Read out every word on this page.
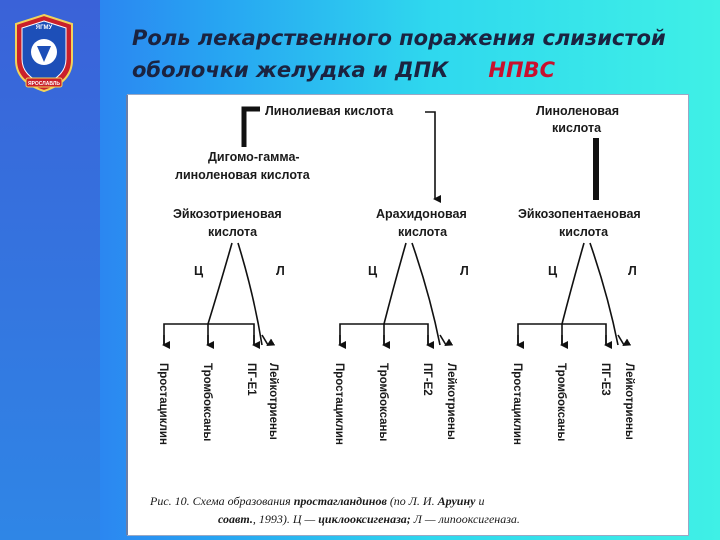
ЯГМУ
ЯРОСЛАВЛЬ
Роль лекарственного поражения слизистой
оболочки желудка и ДПК НПВС
Линолиевая кислота	Линоленовая
кислота
Дигомо-гамма-
линоленовая кислота
Эйкозотриеновая
кислота
Арахидоновая
кислота
Эйкозопентаеновая
кислота
Ц	Л
Простациклин	Тромбоксаны	ПГ-Е1 Лейкотриены
Ц	Л
Простациклин	Тромбоксаны	ПГ-Е2 Лейкотриены
Ц	Л
Простациклин	Тромбоксаны	ПГ-Е3 Лейкотриены
Рис. 10. Схема образования простагландинов (по Л. И. Аруину и
соавт., 1993). Ц — циклооксигеназа; Л — липооксигеназа.
